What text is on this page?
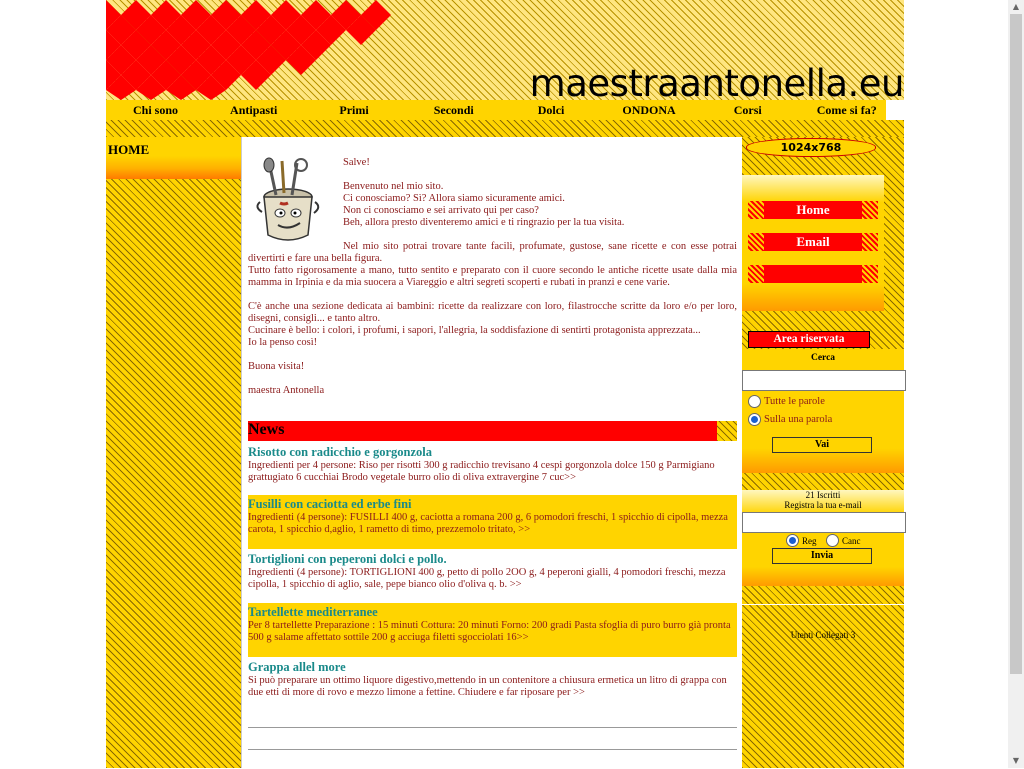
maestraantonella.eu
Chi sono	Antipasti	Primi	Secondi	Dolci	ONDONA	Corsi	Come si fa?
HOME

Salve!

Benvenuto nel mio sito.

Ci conosciamo? Sì? Allora siamo sicuramente amici.

Non ci conosciamo e sei arrivato qui per caso?

Beh, allora presto diventeremo amici e ti ringrazio per la tua visita.

Nel mio sito potrai trovare tante facili, profumate, gustose, sane ricette e con esse potrai divertirti e fare una bella figura.

Tutto fatto rigorosamente a mano, tutto sentito e preparato con il cuore secondo le antiche ricette usate dalla mia mamma in Irpinia e da mia suocera a Viareggio e altri segreti scoperti e rubati in pranzi e cene varie.

C'è anche una sezione dedicata ai bambini: ricette da realizzare con loro, filastrocche scritte da loro e/o per loro, disegni, consigli... e tanto altro.

Cucinare è bello: i colori, i profumi, i sapori, l'allegria, la soddisfazione di sentirti protagonista apprezzata...

Io la penso così!

Buona visita!

maestra Antonella

News
Risotto con radicchio e gorgonzola
Ingredienti per 4 persone: Riso per risotti 300 g radicchio trevisano 4 cespi gorgonzola dolce 150 g Parmigiano grattugiato 6 cucchiai Brodo vegetale burro olio di oliva extravergine 7 cuc>>
Fusilli con caciotta ed erbe fini
Ingredienti (4 persone): FUSILLI 400 g, caciotta a romana 200 g, 6 pomodori freschi, 1 spicchio di cipolla, mezza carota, 1 spicchio d,aglio, 1 rametto di timo, prezzemolo tritato, >>
Tortiglioni con peperoni dolci e pollo.
Ingredienti (4 persone): TORTIGLIONI 400 g, petto di pollo 2OO g, 4 peperoni gialli, 4 pomodori freschi, mezza cipolla, 1 spicchio di aglio, sale, pepe bianco olio d'oliva q. b. >>
Tartellette mediterranee
Per 8 tartellette Preparazione : 15 minuti Cottura: 20 minuti Forno: 200 gradi Pasta sfoglia di puro burro già pronta 500 g salame affettato sottile 200 g acciuga filetti sgocciolati 16>>
Grappa allel more
Si può preparare un ottimo liquore digestivo,mettendo in un contenitore a chiusura ermetica un litro di grappa con due etti di more di rovo e mezzo limone a fettine. Chiudere e far riposare per >>
1024x768
Home
Email
Area riservata
Cerca
Tutte le parole
Sulla una parola
Vai
21 Iscritti
Registra la tua e-mail
Reg	Canc
Invia
Utenti Collegati 3
▲
▼
